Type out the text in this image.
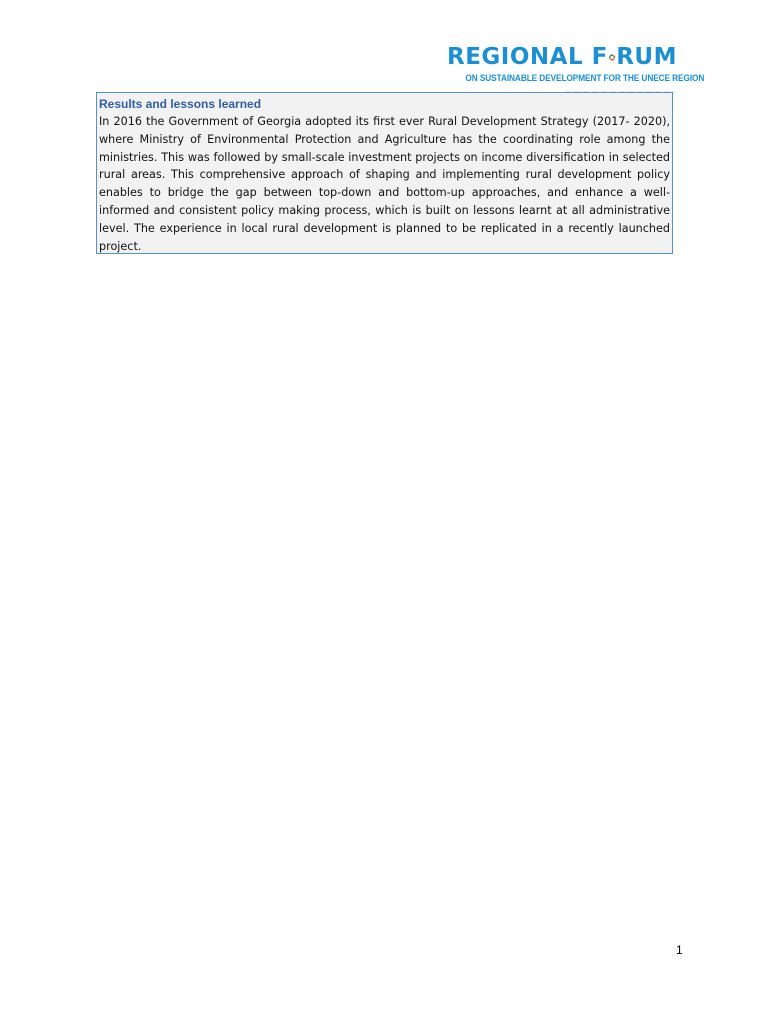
REGIONAL F RUM
ON SUSTAINABLE DEVELOPMENT FOR THE UNECE REGION
Results and lessons learned
In 2016 the Government of Georgia adopted its first ever Rural Development Strategy (2017- 2020), where Ministry of Environmental Protection and Agriculture has the coordinating role among the ministries. This was followed by small-scale investment projects on income diversification in selected rural areas. This comprehensive approach of shaping and implementing rural development policy enables to bridge the gap between top-down and bottom-up approaches, and enhance a well-informed and consistent policy making process, which is built on lessons learnt at all administrative level. The experience in local rural development is planned to be replicated in a recently launched project.
1
